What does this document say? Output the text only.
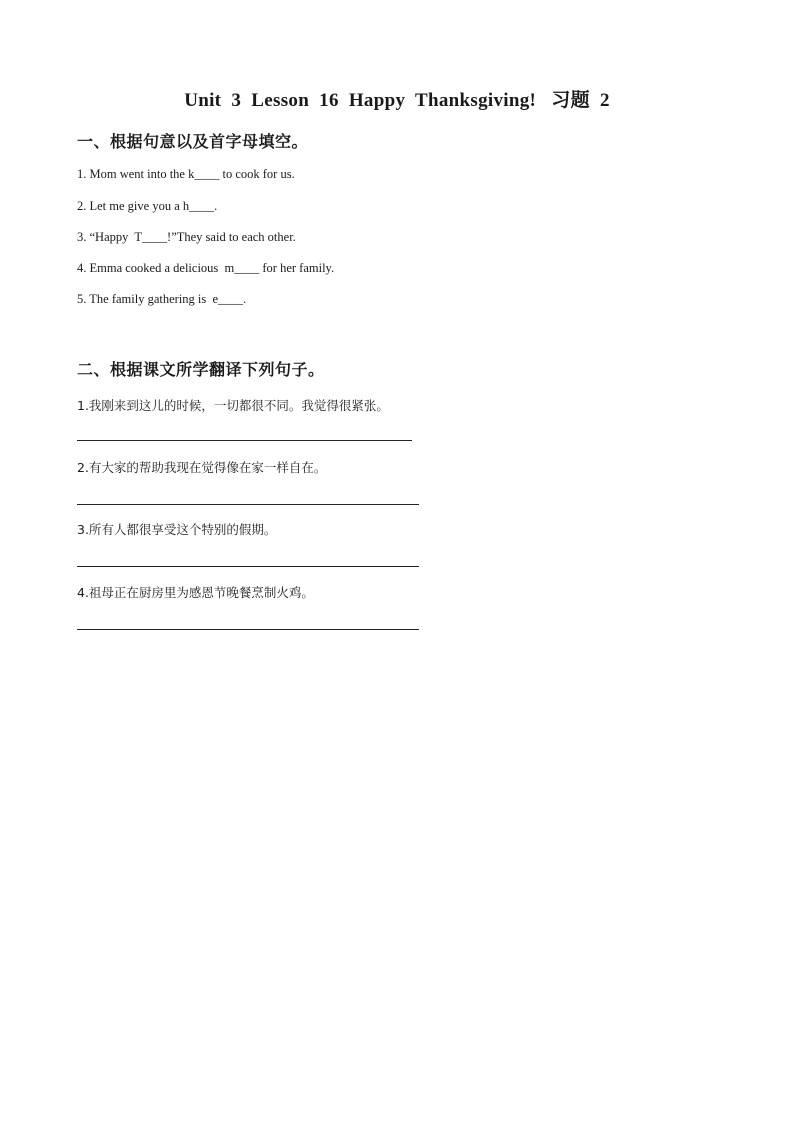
Unit  3  Lesson  16  Happy  Thanksgiving!   习题  2
一、根据句意以及首字母填空。
1. Mom went into the k____ to cook for us.
2. Let me give you a h____.
3. “Happy  T____!”They said to each other.
4. Emma cooked a delicious  m____ for her family.
5. The family gathering is  e____.
二、根据课文所学翻译下列句子。
1.我刚来到这儿的时候，一切都很不同。我觉得很紧张。
2.有大家的帮助我现在觉得像在家一样自在。
3.所有人都很享受这个特别的假期。
4.祖母正在厨房里为感恩节晚餐烹制火鸡。
